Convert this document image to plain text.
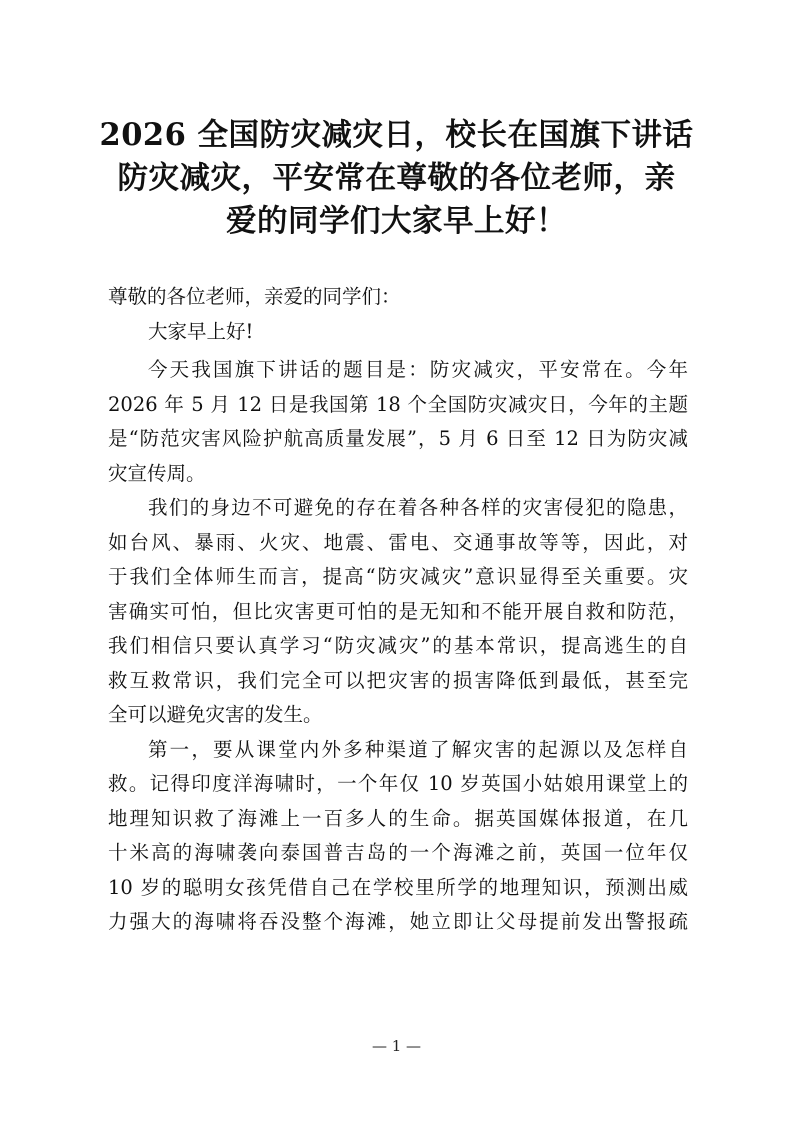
2026 全国防灾减灾日，校长在国旗下讲话
防灾减灾，平安常在尊敬的各位老师，亲
爱的同学们大家早上好！
尊敬的各位老师，亲爱的同学们：
大家早上好!
今天我国旗下讲话的题目是：防灾减灾，平安常在。今年
2026 年 5 月 12 日是我国第 18 个全国防灾减灾日，今年的主题
是“防范灾害风险护航高质量发展”，5 月 6 日至 12 日为防灾减
灾宣传周。
我们的身边不可避免的存在着各种各样的灾害侵犯的隐患，
如台风、暴雨、火灾、地震、雷电、交通事故等等，因此，对
于我们全体师生而言，提高“防灾减灾”意识显得至关重要。灾
害确实可怕，但比灾害更可怕的是无知和不能开展自救和防范，
我们相信只要认真学习“防灾减灾”的基本常识，提高逃生的自
救互救常识，我们完全可以把灾害的损害降低到最低，甚至完
全可以避免灾害的发生。
第一，要从课堂内外多种渠道了解灾害的起源以及怎样自
救。记得印度洋海啸时，一个年仅 10 岁英国小姑娘用课堂上的
地理知识救了海滩上一百多人的生命。据英国媒体报道，在几
十米高的海啸袭向泰国普吉岛的一个海滩之前，英国一位年仅
10 岁的聪明女孩凭借自己在学校里所学的地理知识，预测出威
力强大的海啸将吞没整个海滩，她立即让父母提前发出警报疏
— 1 —
